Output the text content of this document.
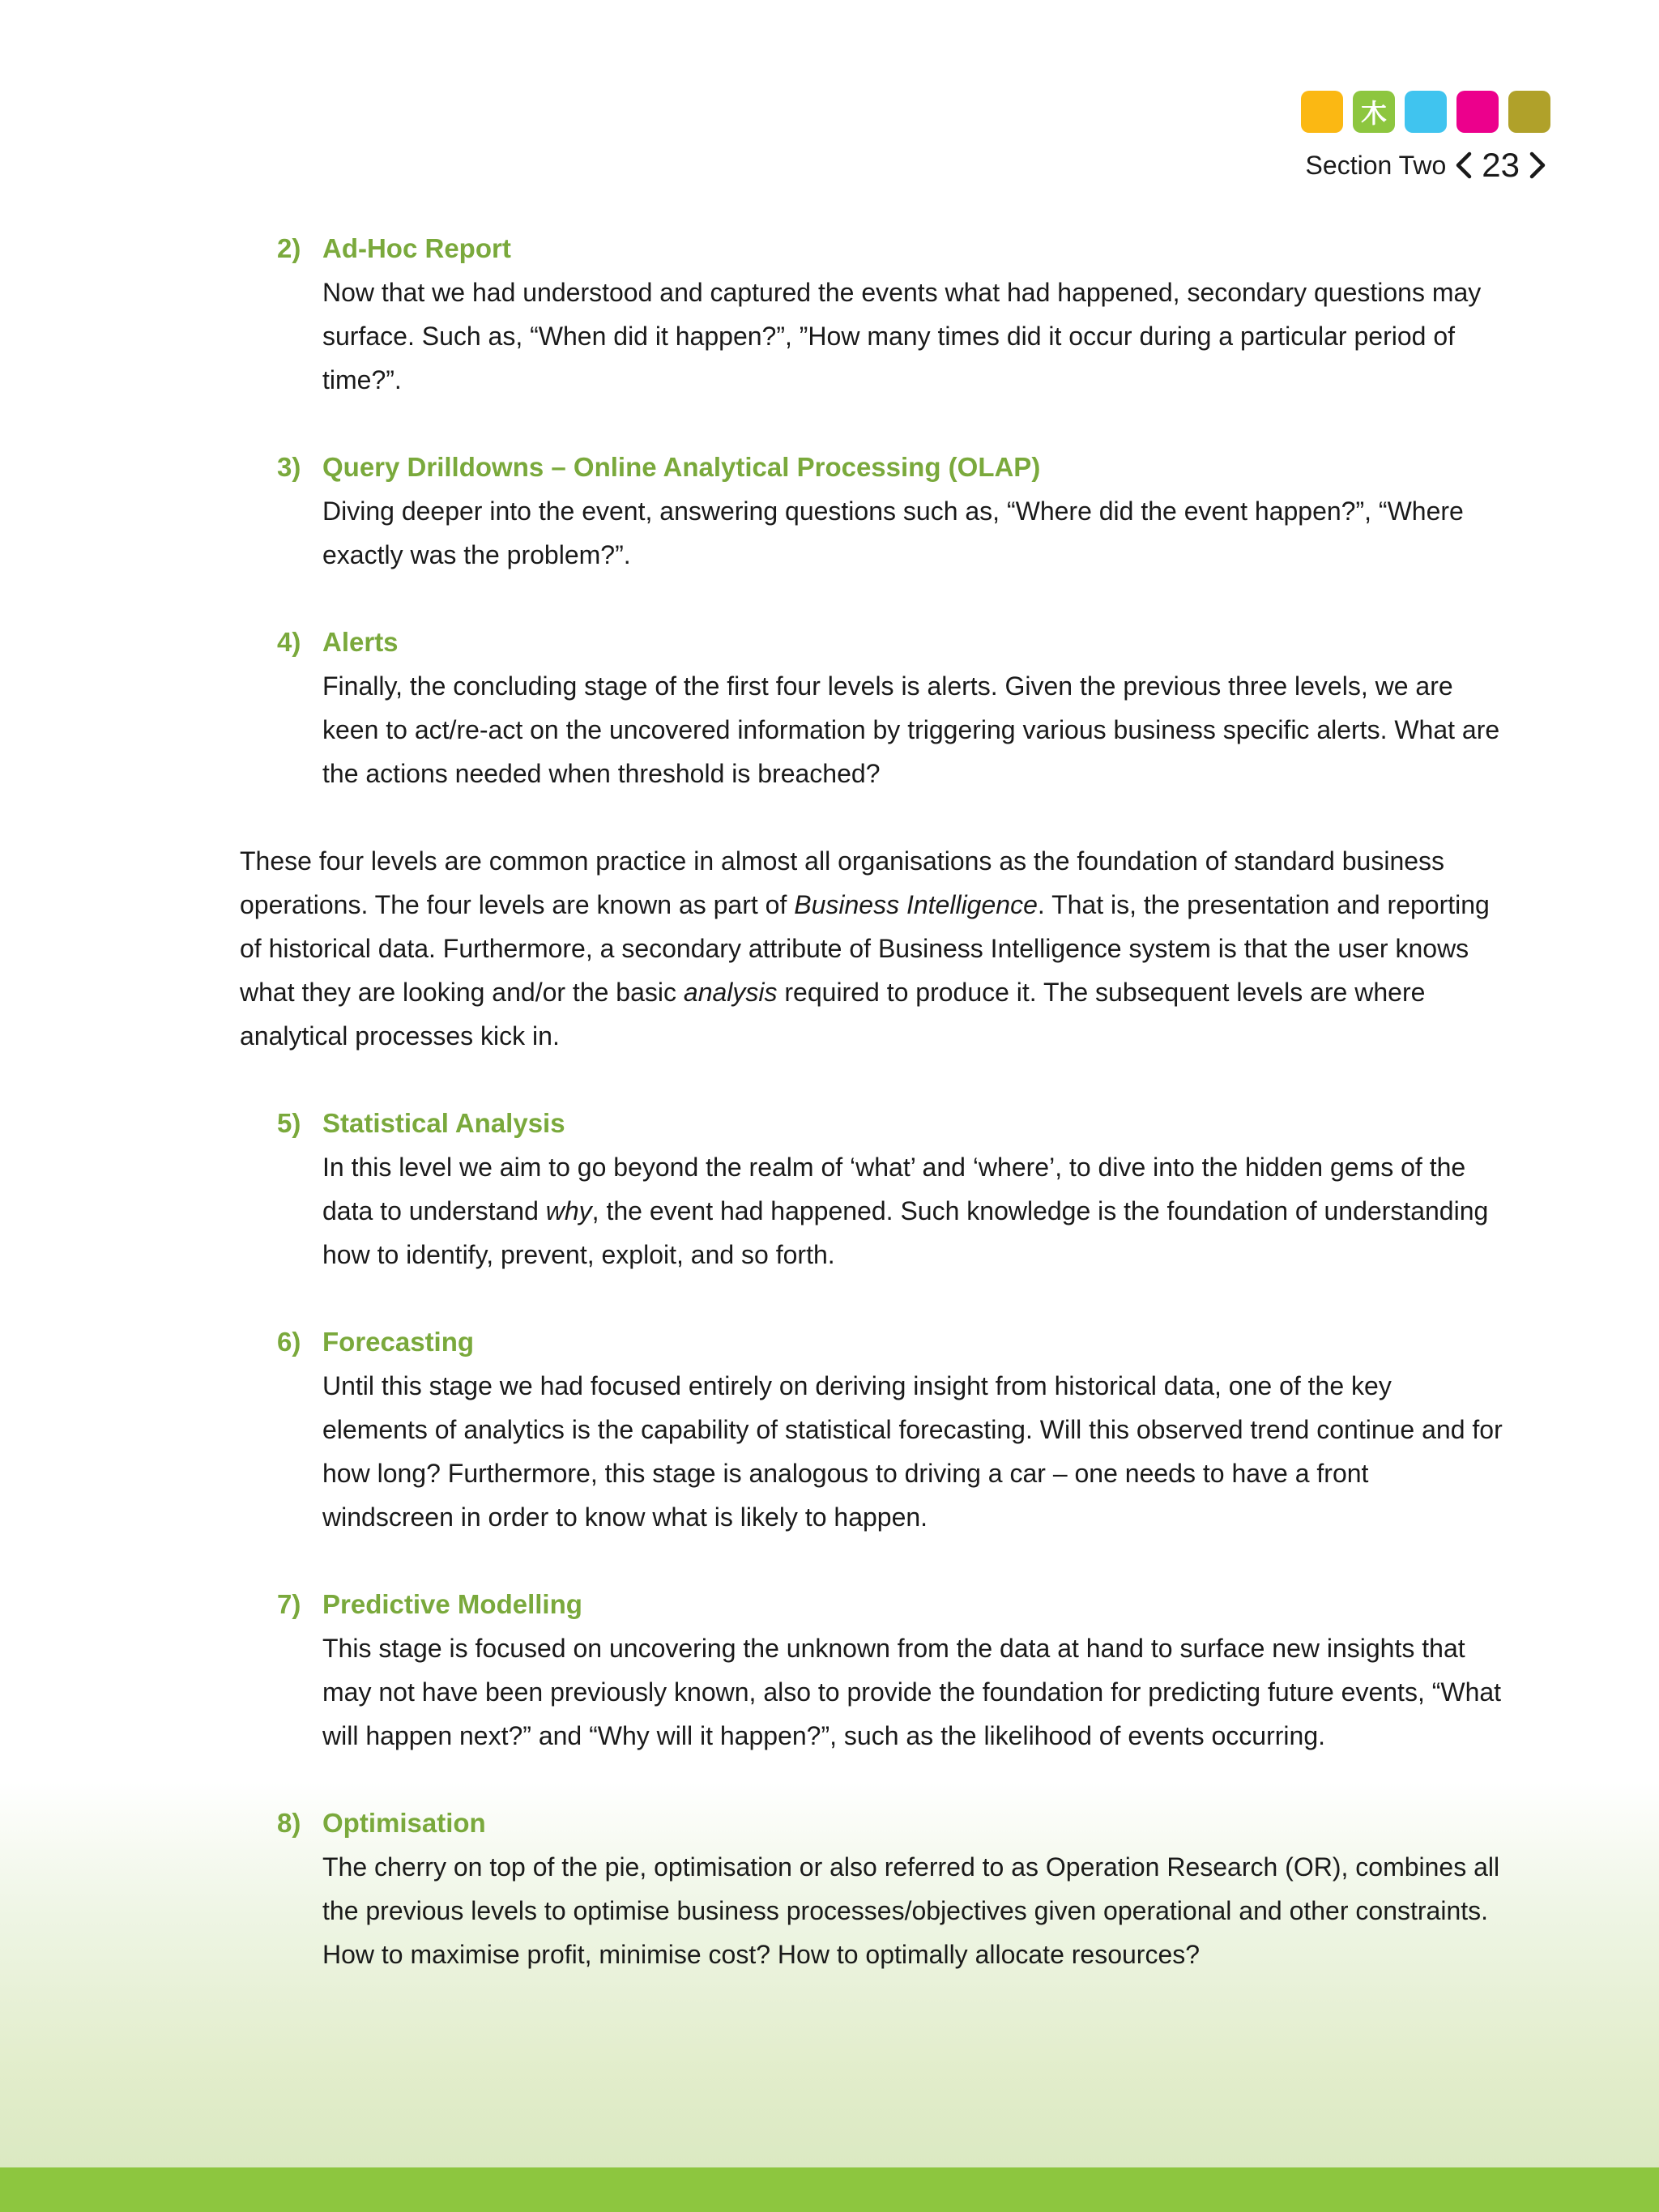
木
Section Two 23
2) Ad-Hoc Report
Now that we had understood and captured the events what had happened, secondary questions may surface. Such as, “When did it happen?”, ”How many times did it occur during a particular period of time?”.
3) Query Drilldowns – Online Analytical Processing (OLAP)
Diving deeper into the event, answering questions such as, “Where did the event happen?”, “Where exactly was the problem?”.
4) Alerts
Finally, the concluding stage of the first four levels is alerts. Given the previous three levels, we are keen to act/re-act on the uncovered information by triggering various business specific alerts. What are the actions needed when threshold is breached?
These four levels are common practice in almost all organisations as the foundation of standard business operations. The four levels are known as part of Business Intelligence. That is, the presentation and reporting of historical data. Furthermore, a secondary attribute of Business Intelligence system is that the user knows what they are looking and/or the basic analysis required to produce it. The subsequent levels are where analytical processes kick in.
5) Statistical Analysis
In this level we aim to go beyond the realm of ‘what’ and ‘where’, to dive into the hidden gems of the data to understand why, the event had happened. Such knowledge is the foundation of understanding how to identify, prevent, exploit, and so forth.
6) Forecasting
Until this stage we had focused entirely on deriving insight from historical data, one of the key elements of analytics is the capability of statistical forecasting. Will this observed trend continue and for how long? Furthermore, this stage is analogous to driving a car – one needs to have a front windscreen in order to know what is likely to happen.
7) Predictive Modelling
This stage is focused on uncovering the unknown from the data at hand to surface new insights that may not have been previously known, also to provide the foundation for predicting future events, “What will happen next?” and “Why will it happen?”, such as the likelihood of events occurring.
8) Optimisation
The cherry on top of the pie, optimisation or also referred to as Operation Research (OR), combines all the previous levels to optimise business processes/objectives given operational and other constraints. How to maximise profit, minimise cost? How to optimally allocate resources?
